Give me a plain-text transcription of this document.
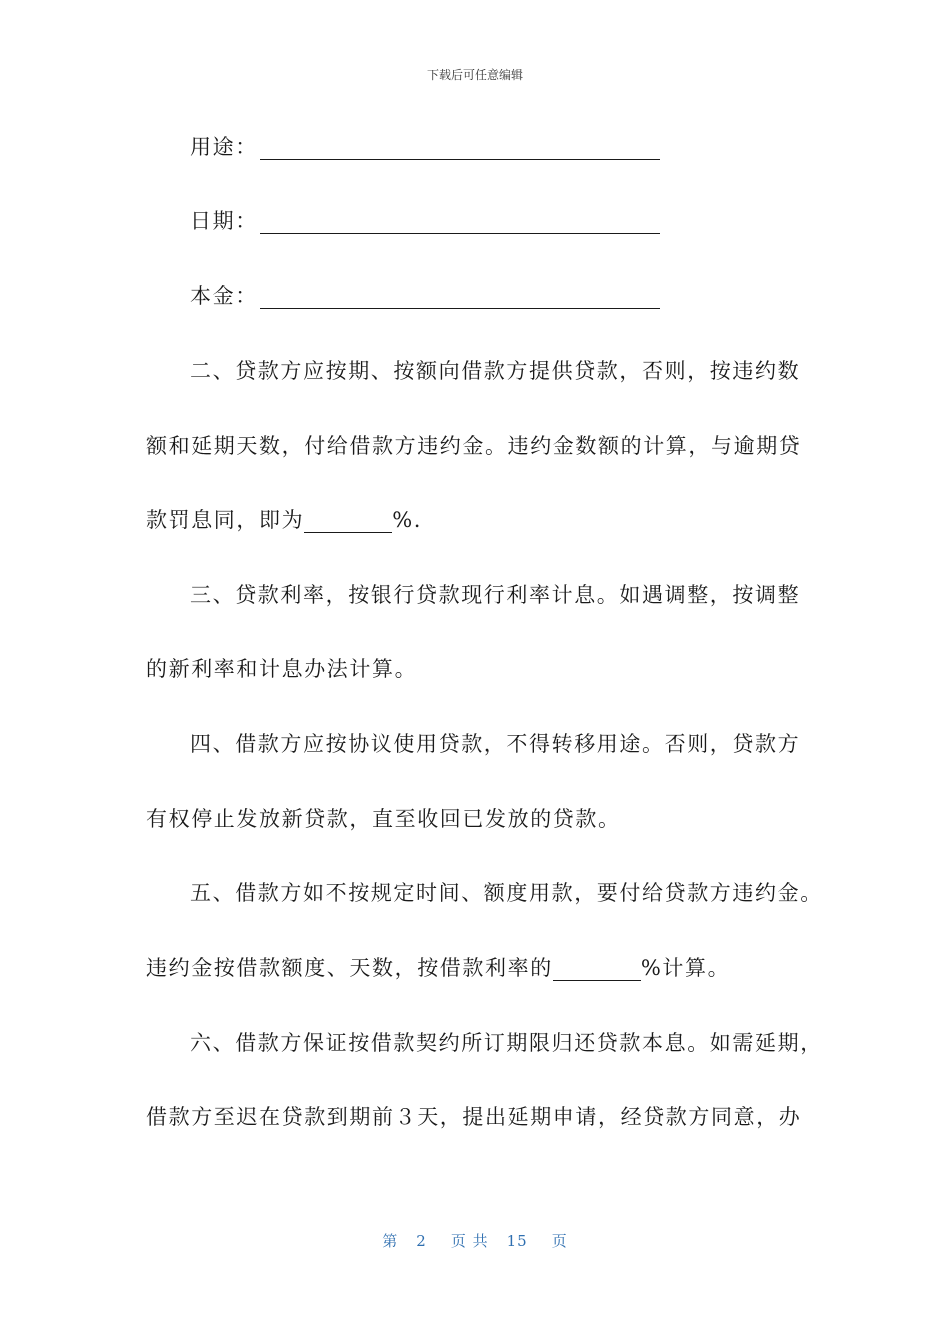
下载后可任意编辑
用途：
日期：
本金：
二、贷款方应按期、按额向借款方提供贷款，否则，按违约数
额和延期天数，付给借款方违约金。违约金数额的计算，与逾期贷
款罚息同，即为	%.
三、贷款利率，按银行贷款现行利率计息。如遇调整，按调整
的新利率和计息办法计算。
四、借款方应按协议使用贷款，不得转移用途。否则，贷款方
有权停止发放新贷款，直至收回已发放的贷款。
五、借款方如不按规定时间、额度用款，要付给贷款方违约金。
违约金按借款额度、天数，按借款利率的	%计算。
六、借款方保证按借款契约所订期限归还贷款本息。如需延期，
借款方至迟在贷款到期前３天，提出延期申请，经贷款方同意，办
第 2 页 共 15 页
